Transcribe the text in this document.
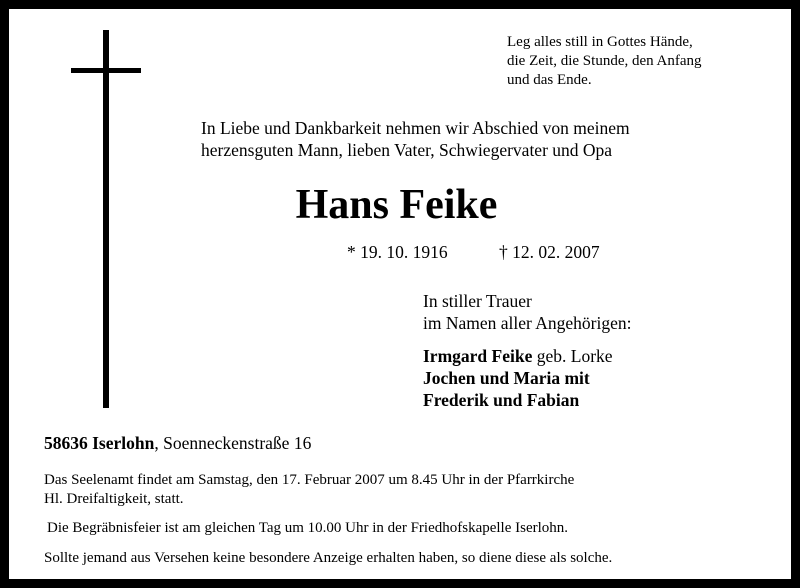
Leg alles still in Gottes Hände,
die Zeit, die Stunde, den Anfang
und das Ende.
In Liebe und Dankbarkeit nehmen wir Abschied von meinem
herzensguten Mann, lieben Vater, Schwiegervater und Opa
Hans Feike
* 19. 10. 1916	† 12. 02. 2007
In stiller Trauer
im Namen aller Angehörigen:
Irmgard Feike geb. Lorke
Jochen und Maria mit
Frederik und Fabian
58636 Iserlohn, Soenneckenstraße 16
Das Seelenamt findet am Samstag, den 17. Februar 2007 um 8.45 Uhr in der Pfarrkirche
Hl. Dreifaltigkeit, statt.
Die Begräbnisfeier ist am gleichen Tag um 10.00 Uhr in der Friedhofskapelle Iserlohn.
Sollte jemand aus Versehen keine besondere Anzeige erhalten haben, so diene diese als solche.
